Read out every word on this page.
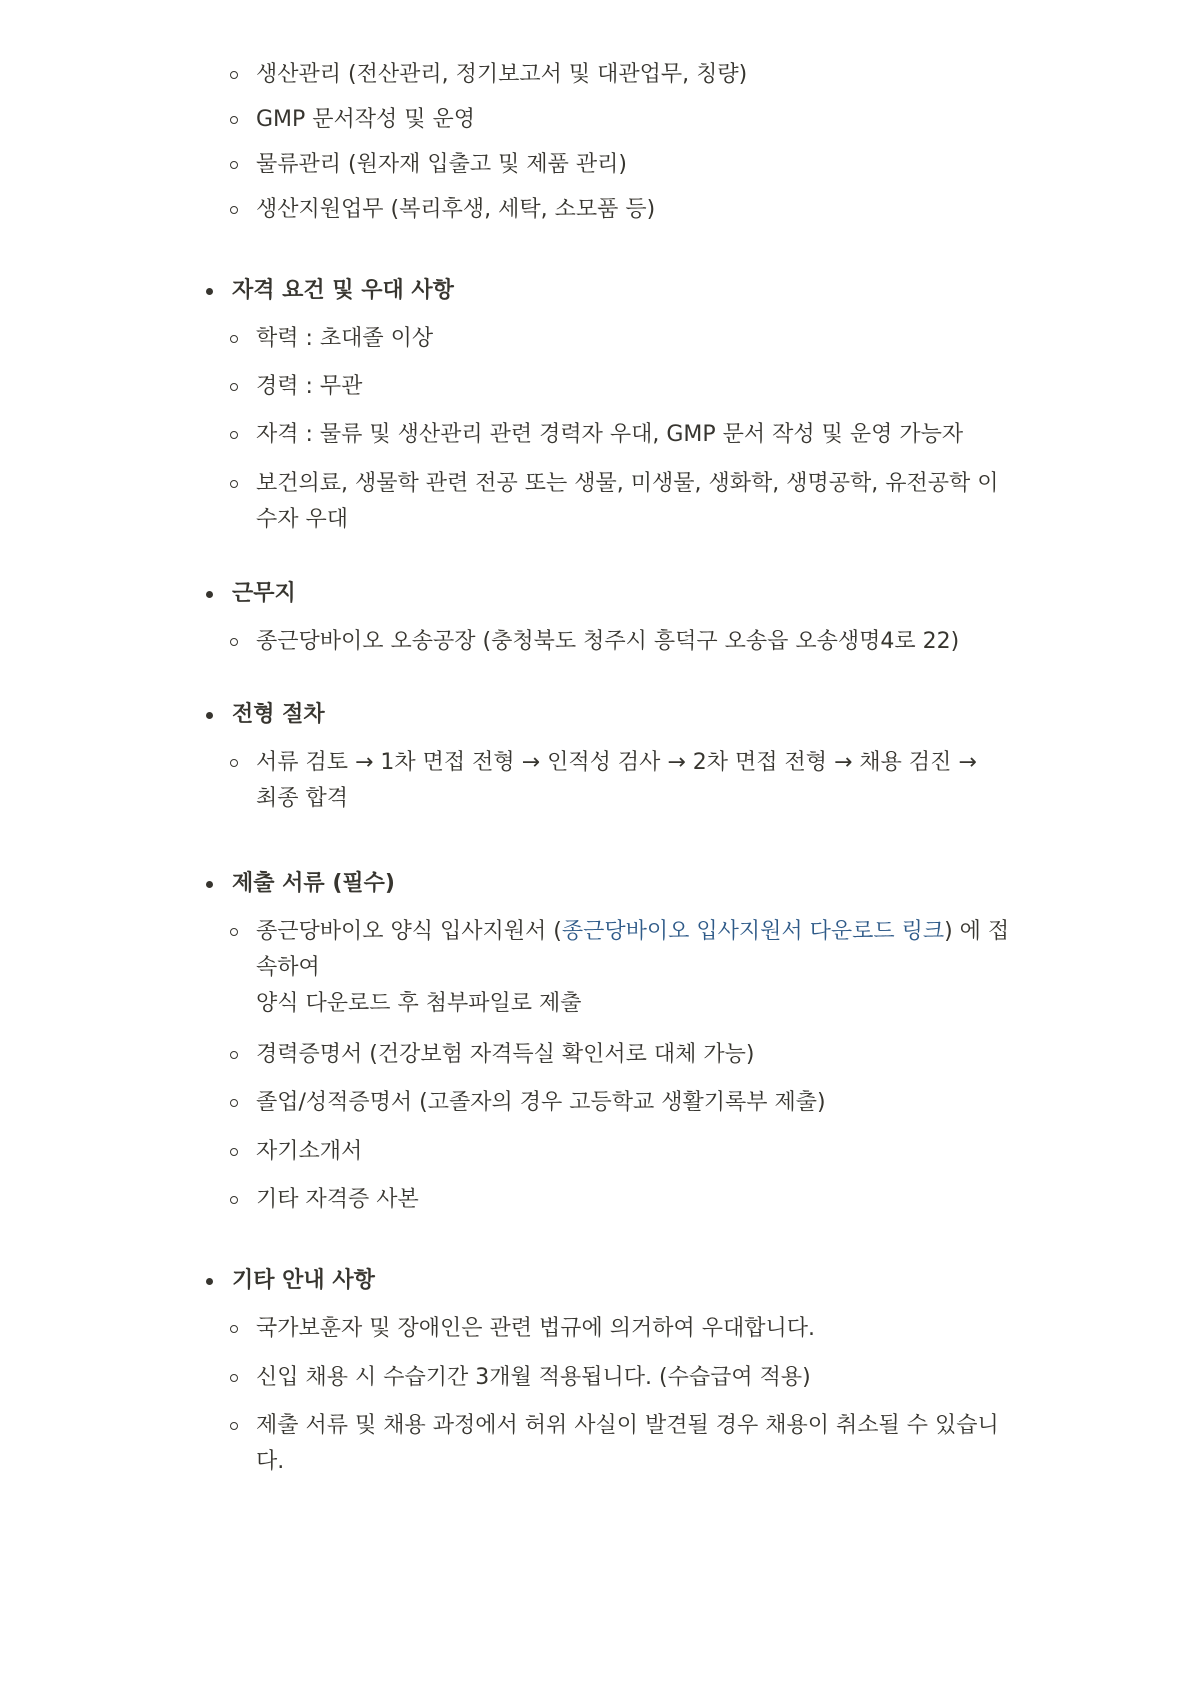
생산관리 (전산관리, 정기보고서 및 대관업무, 칭량)
GMP 문서작성 및 운영
물류관리 (원자재 입출고 및 제품 관리)
생산지원업무 (복리후생, 세탁, 소모품 등)
자격 요건 및 우대 사항
학력 : 초대졸 이상
경력 : 무관
자격 : 물류 및 생산관리 관련 경력자 우대, GMP 문서 작성 및 운영 가능자
보건의료, 생물학 관련 전공 또는 생물, 미생물, 생화학, 생명공학, 유전공학 이
수자 우대
근무지
종근당바이오 오송공장 (충청북도 청주시 흥덕구 오송읍 오송생명4로 22)
전형 절차
서류 검토 → 1차 면접 전형 → 인적성 검사 → 2차 면접 전형 → 채용 검진 →
최종 합격
제출 서류 (필수)
종근당바이오 양식 입사지원서 (종근당바이오 입사지원서 다운로드 링크) 에 접
속하여
양식 다운로드 후 첨부파일로 제출
경력증명서 (건강보험 자격득실 확인서로 대체 가능)
졸업/성적증명서 (고졸자의 경우 고등학교 생활기록부 제출)
자기소개서
기타 자격증 사본
기타 안내 사항
국가보훈자 및 장애인은 관련 법규에 의거하여 우대합니다.
신입 채용 시 수습기간 3개월 적용됩니다. (수습급여 적용)
제출 서류 및 채용 과정에서 허위 사실이 발견될 경우 채용이 취소될 수 있습니
다.
